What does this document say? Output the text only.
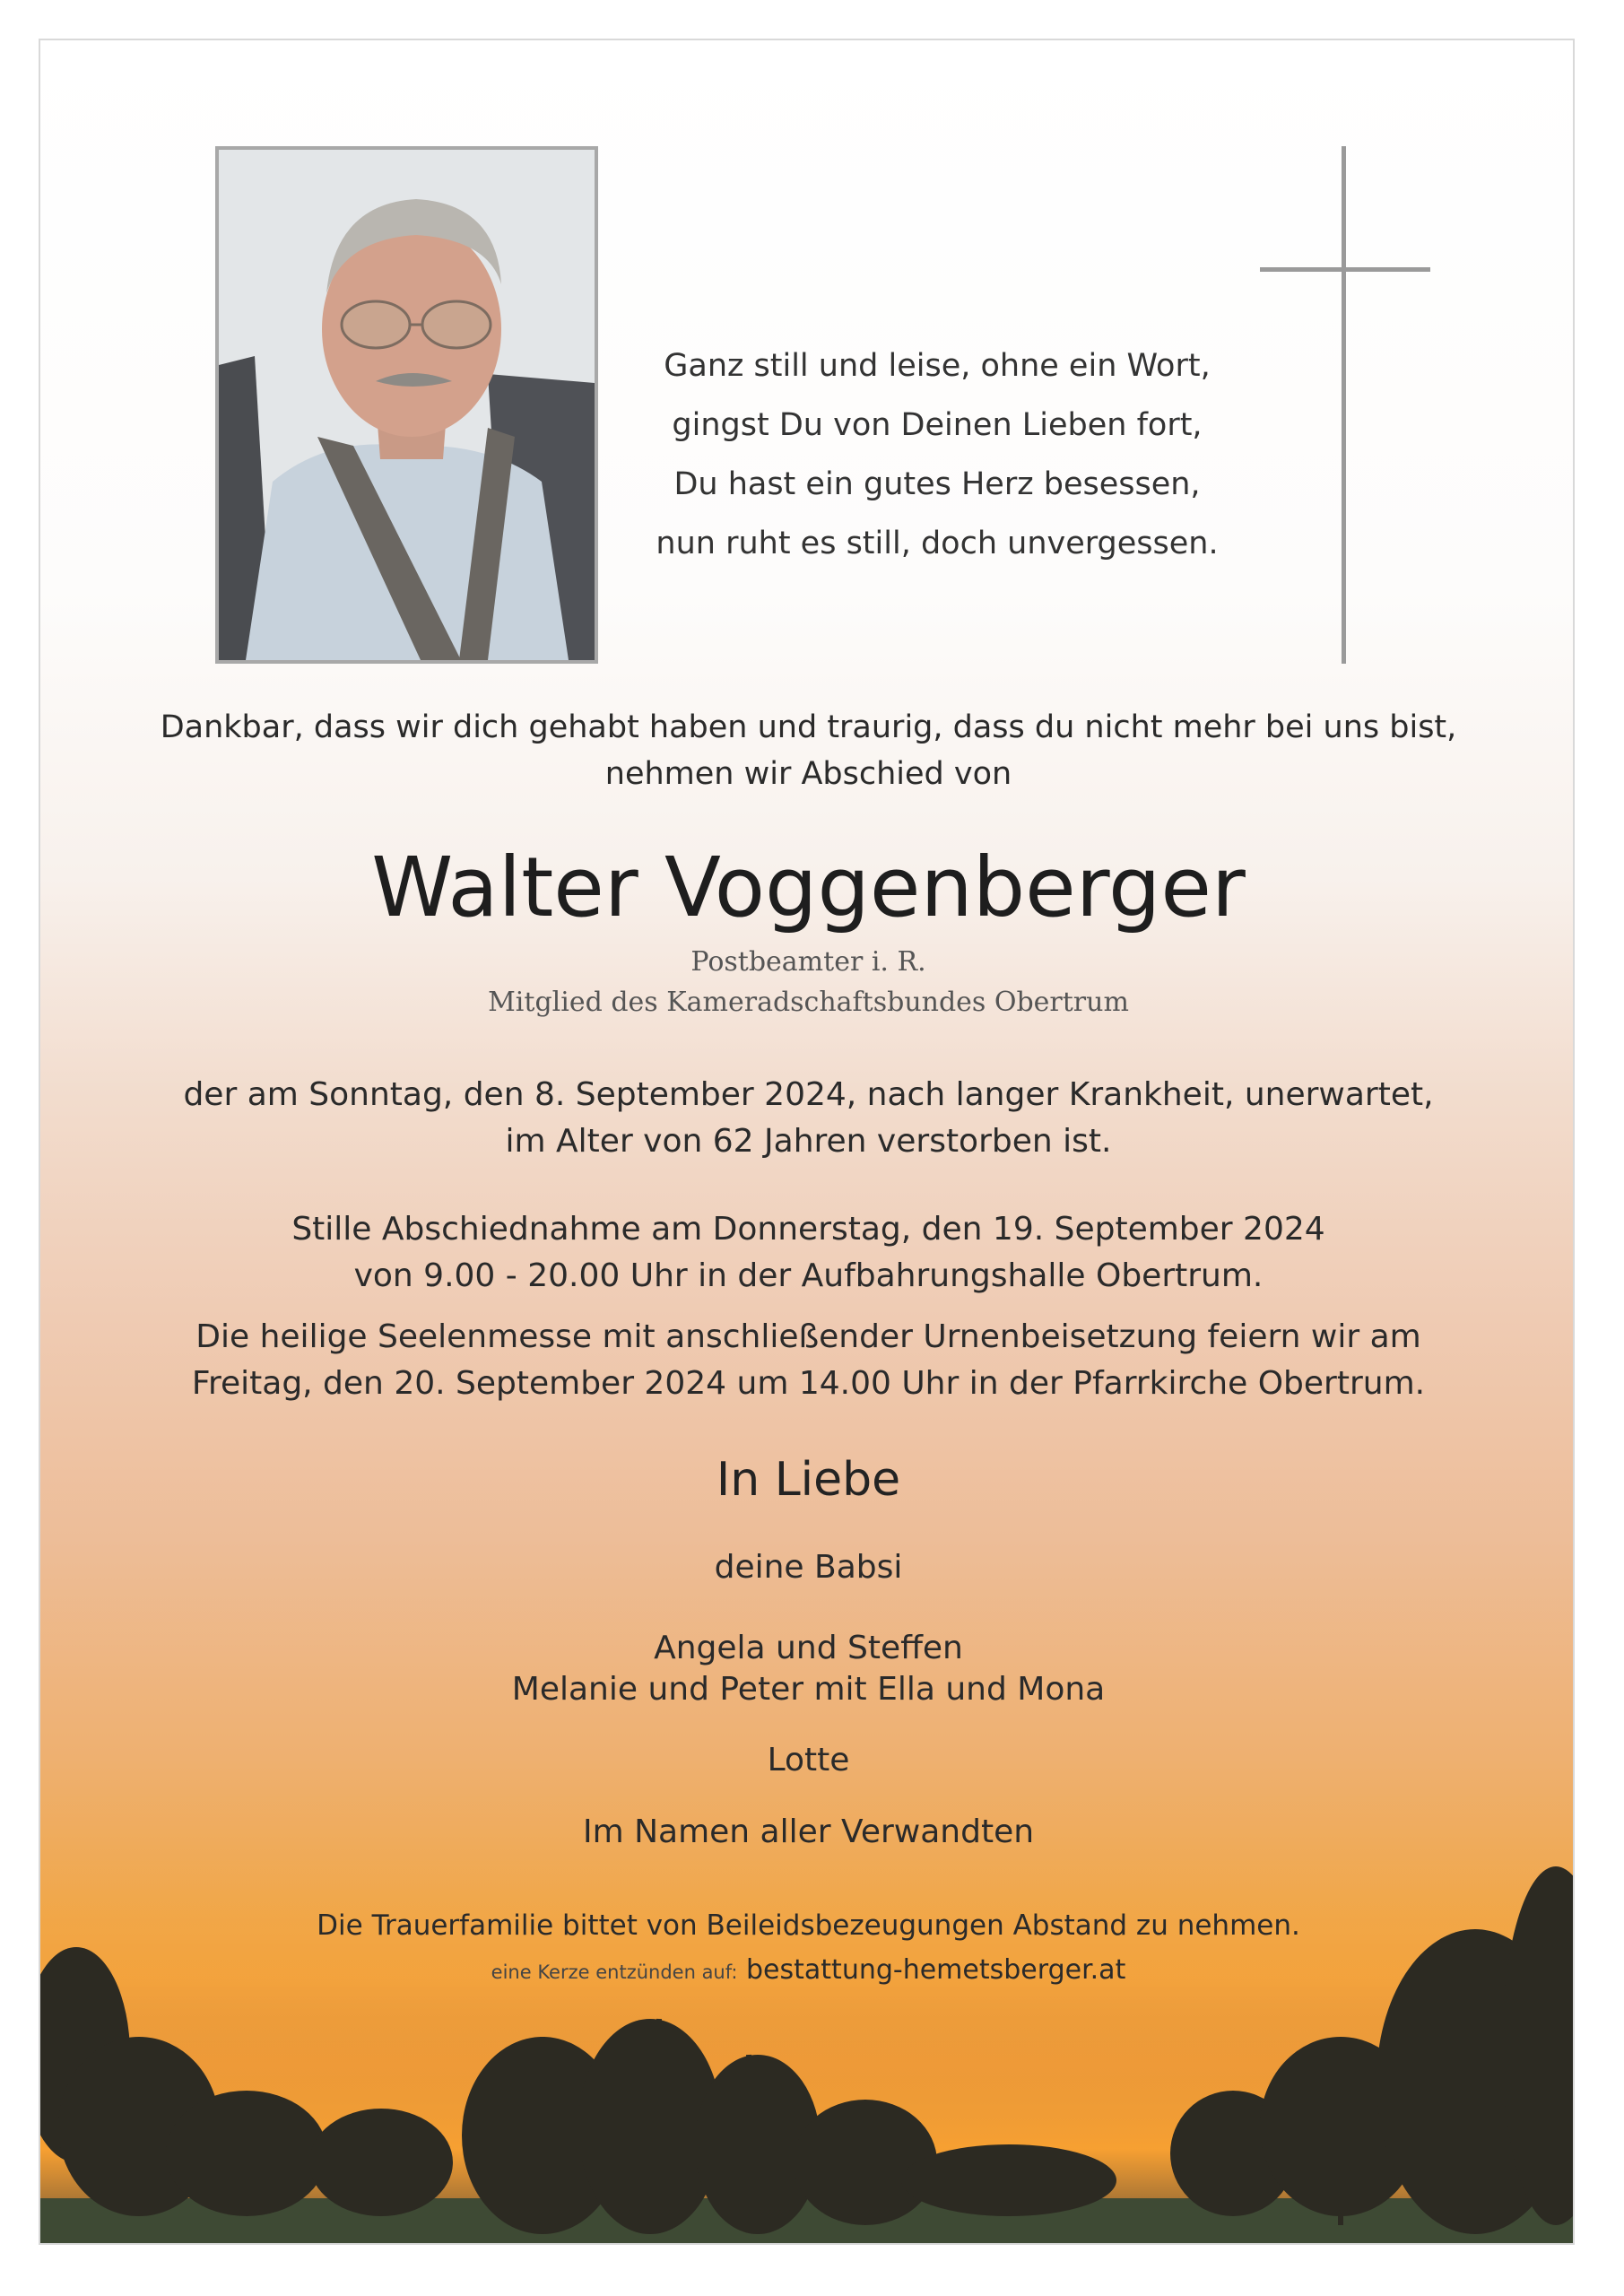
Ganz still und leise, ohne ein Wort,
gingst Du von Deinen Lieben fort,
Du hast ein gutes Herz besessen,
nun ruht es still, doch unvergessen.
Dankbar, dass wir dich gehabt haben und traurig, dass du nicht mehr bei uns bist,
nehmen wir Abschied von
Walter Voggenberger
Postbeamter i. R.
Mitglied des Kameradschaftsbundes Obertrum
der am Sonntag, den 8. September 2024, nach langer Krankheit, unerwartet,
im Alter von 62 Jahren verstorben ist.
Stille Abschiednahme am Donnerstag, den 19. September 2024
von 9.00 - 20.00 Uhr in der Aufbahrungshalle Obertrum.
Die heilige Seelenmesse mit anschließender Urnenbeisetzung feiern wir am
Freitag, den 20. September 2024 um 14.00 Uhr in der Pfarrkirche Obertrum.
In Liebe
deine Babsi
Angela und Steffen
Melanie und Peter mit Ella und Mona
Lotte
Im Namen aller Verwandten
Die Trauerfamilie bittet von Beileidsbezeugungen Abstand zu nehmen.
eine Kerze entzünden auf: bestattung-hemetsberger.at
